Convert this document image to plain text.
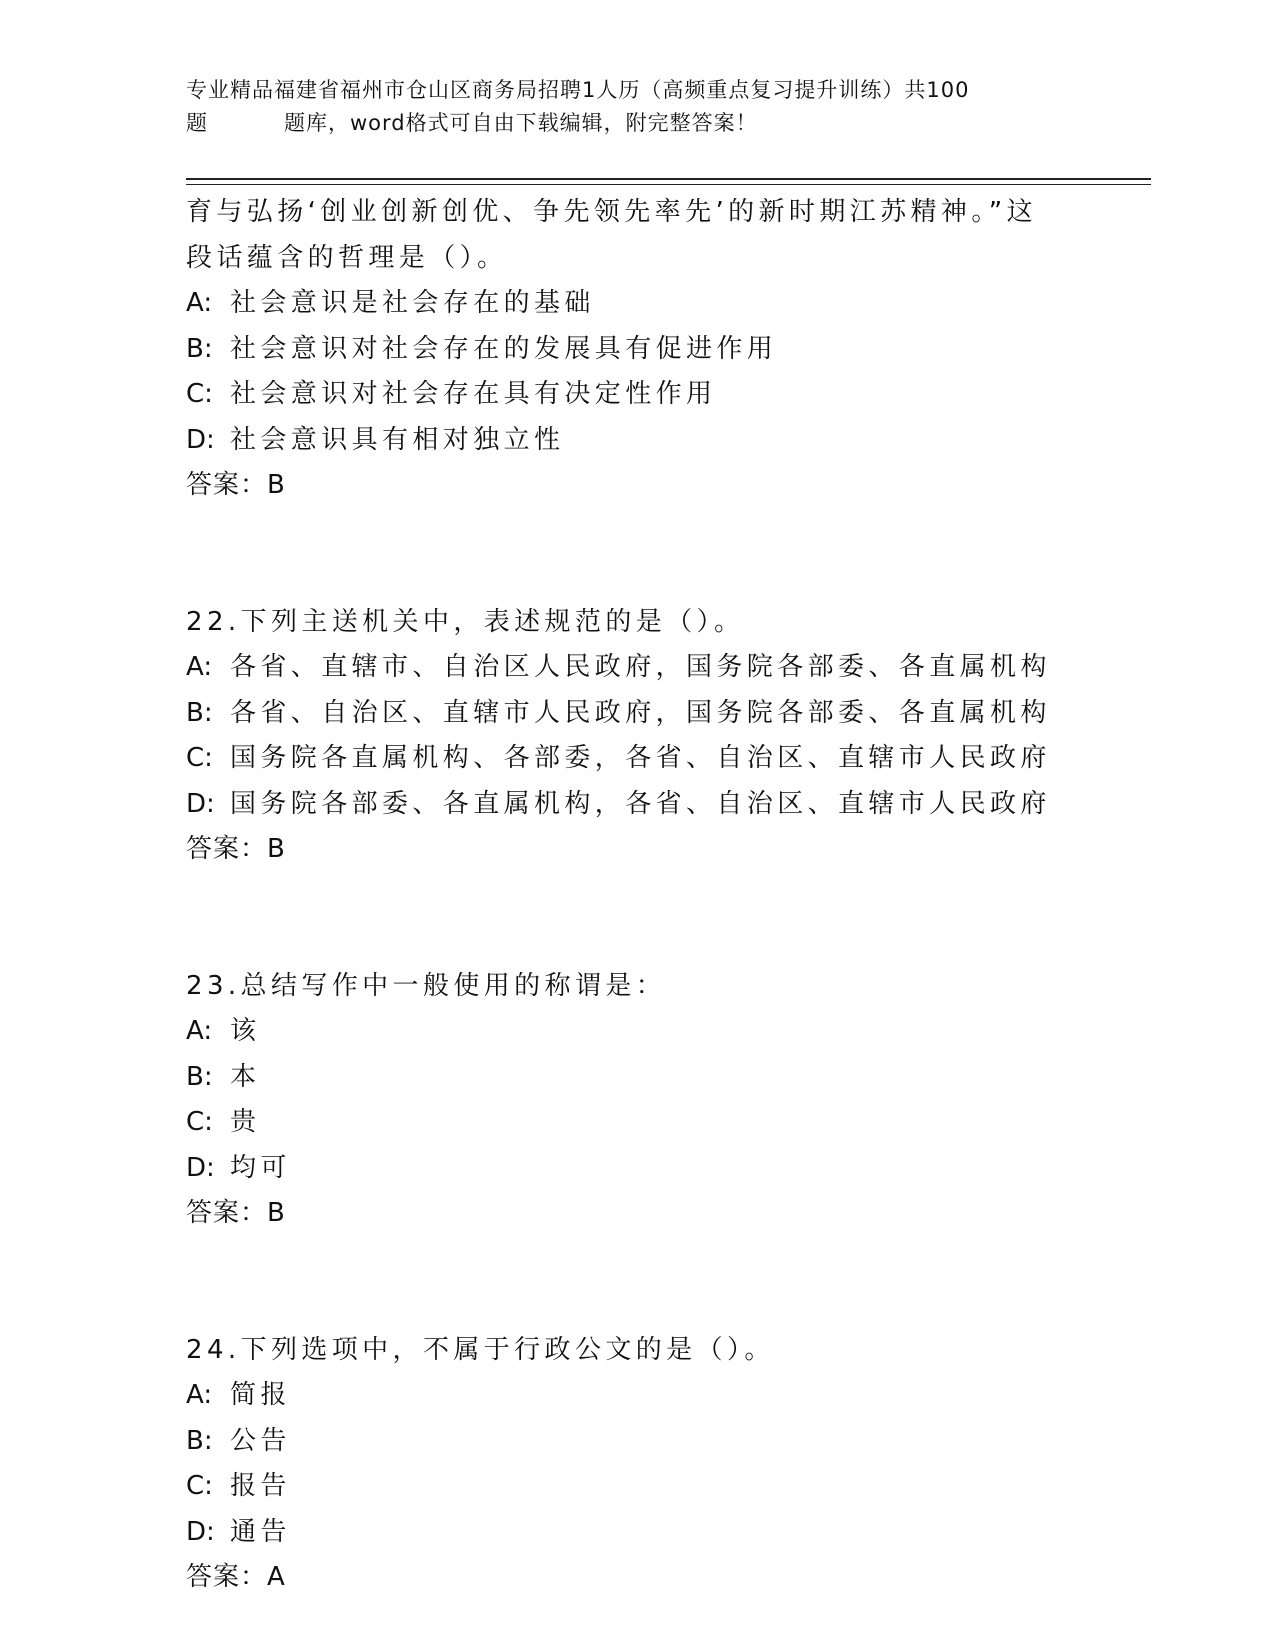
专业精品福建省福州市仓山区商务局招聘1人历（高频重点复习提升训练）共100
题	题库，word格式可自由下载编辑，附完整答案！
育与弘扬‘创业创新创优、争先领先率先’的新时期江苏精神。”这
段话蕴含的哲理是（）。
A: 社会意识是社会存在的基础
B: 社会意识对社会存在的发展具有促进作用
C: 社会意识对社会存在具有决定性作用
D: 社会意识具有相对独立性
答案：B
22.下列主送机关中，表述规范的是（）。
A: 各省、直辖市、自治区人民政府，国务院各部委、各直属机构
B: 各省、自治区、直辖市人民政府，国务院各部委、各直属机构
C: 国务院各直属机构、各部委，各省、自治区、直辖市人民政府
D: 国务院各部委、各直属机构，各省、自治区、直辖市人民政府
答案：B
23.总结写作中一般使用的称谓是：
A: 该
B: 本
C: 贵
D: 均可
答案：B
24.下列选项中，不属于行政公文的是（）。
A: 简报
B: 公告
C: 报告
D: 通告
答案：A
